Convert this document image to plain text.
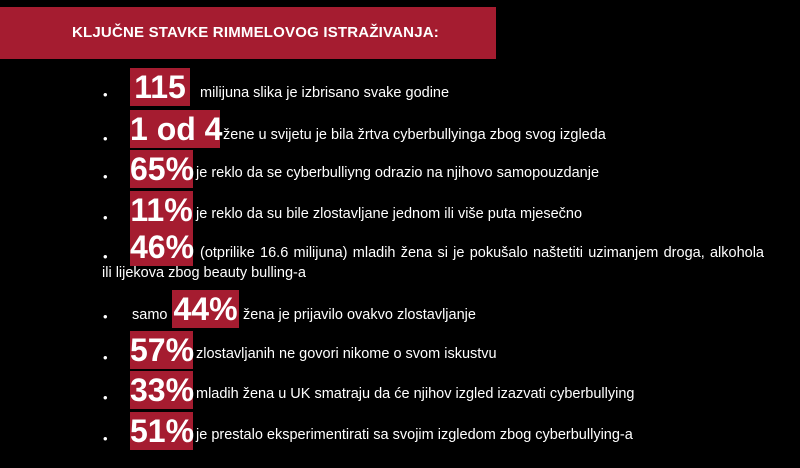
KLJUČNE STAVKE RIMMELOVOG ISTRAŽIVANJA:
• 115 milijuna slika je izbrisano svake godine
• 1 od 4 žene u svijetu je bila žrtva cyberbullyinga zbog svog izgleda
• 65% je reklo da se cyberbulliyng odrazio na njihovo samopouzdanje
• 11% je reklo da su bile zlostavljane jednom ili više puta mjesečno
• 46% (otprilike 16.6 milijuna) mladih žena si je pokušalo naštetiti uzimanjem droga, alkohola ili lijekova zbog beauty bulling-a
• samo 44% žena je prijavilo ovakvo zlostavljanje
• 57% zlostavljanih ne govori nikome o svom iskustvu
• 33% mladih žena u UK smatraju da će njihov izgled izazvati cyberbullying
• 51% je prestalo eksperimentirati sa svojim izgledom zbog cyberbullying-a
